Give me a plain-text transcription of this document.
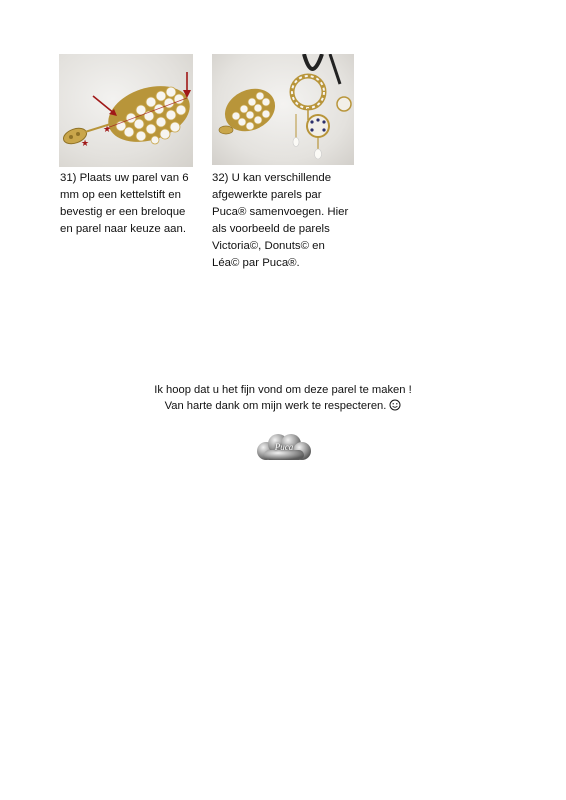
★
★
31) Plaats uw parel van 6
mm op een kettelstift en
bevestig er een breloque
en parel naar keuze aan.
32) U kan verschillende
afgewerkte parels par
Puca® samenvoegen. Hier
als voorbeeld de parels
Victoria©, Donuts© en
Léa© par Puca®.
Ik hoop dat u het fijn vond om deze parel te maken !
Van harte dank om mijn werk te respecteren.
Puca
